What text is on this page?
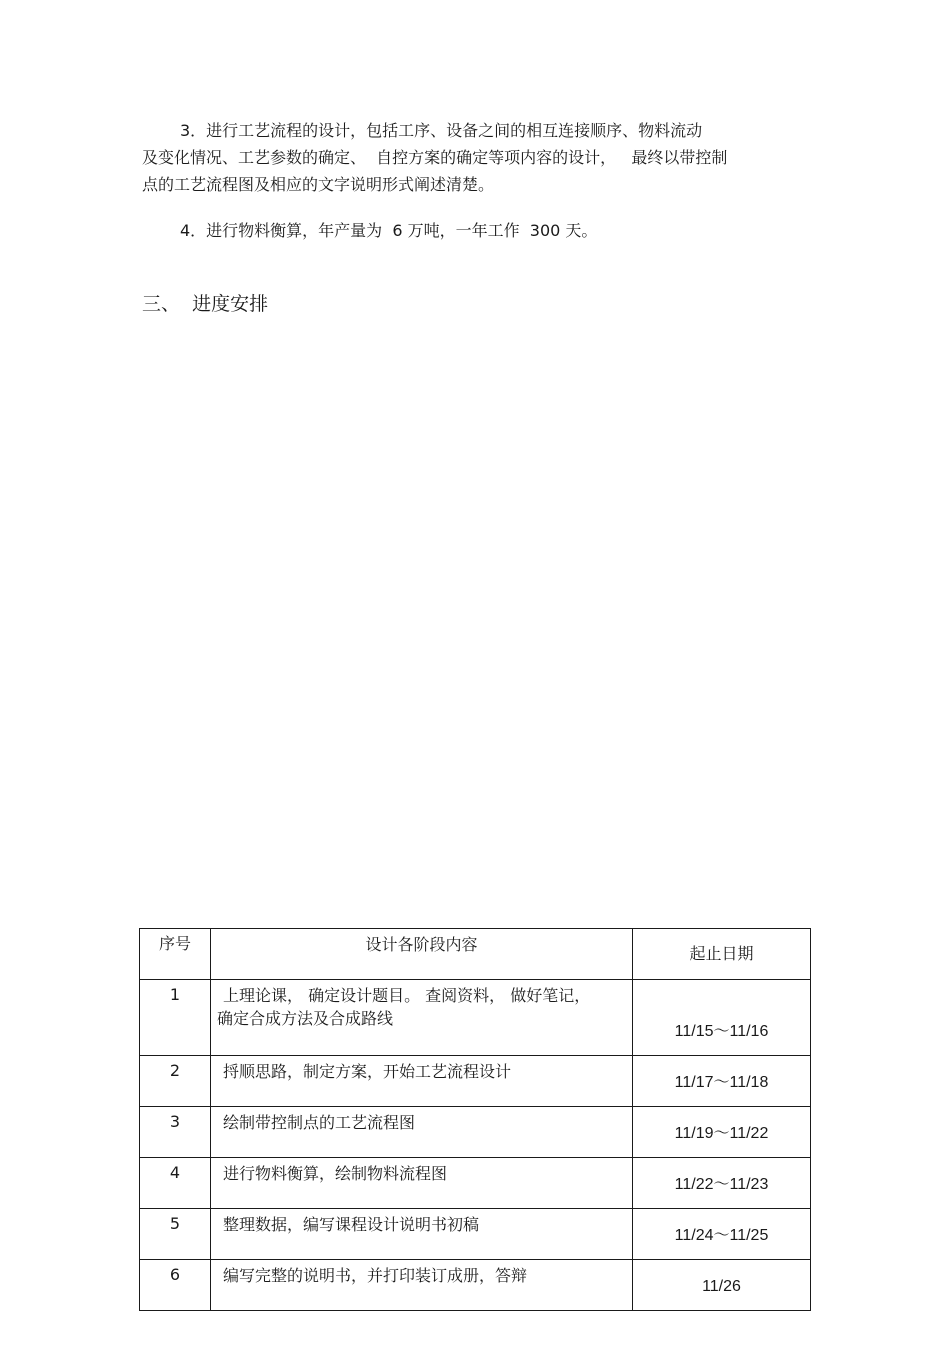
3．进行工艺流程的设计，包括工序、设备之间的相互连接顺序、物料流动
及变化情况、工艺参数的确定、  自控方案的确定等项内容的设计，   最终以带控制
点的工艺流程图及相应的文字说明形式阐述清楚。
4．进行物料衡算，年产量为  6 万吨，一年工作  300 天。
三、  进度安排
序号	设计各阶段内容	起止日期
1	上理论课， 确定设计题目。 查阅资料， 做好笔记，
确定合成方法及合成路线	11/15～11/16
2	捋顺思路，制定方案，开始工艺流程设计	11/17～11/18
3	绘制带控制点的工艺流程图	11/19～11/22
4	进行物料衡算，绘制物料流程图	11/22～11/23
5	整理数据，编写课程设计说明书初稿	11/24～11/25
6	编写完整的说明书，并打印装订成册，答辩	11/26
